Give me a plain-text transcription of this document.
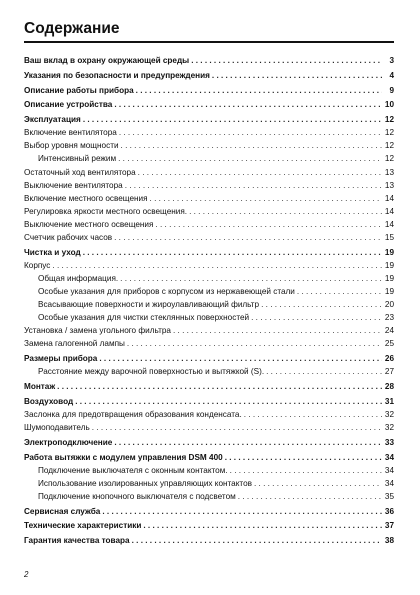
Содержание
Ваш вклад в охрану окружающей среды . . .	3
Указания по безопасности и предупреждения . . .	4
Описание работы прибора . . .	9
Описание устройства . . .	10
Эксплуатация . . .	12
Включение вентилятора . . .	12
Выбор уровня мощности . . .	12
Интенсивный режим . . .	12
Остаточный ход вентилятора . . .	13
Выключение вентилятора . . .	13
Включение местного освещения . . .	14
Регулировка яркости местного освещения. . . .	14
Выключение местного освещения . . .	14
Счетчик рабочих часов . . .	15
Чистка и уход . . .	19
Корпус . . .	19
Общая информация. . . .	19
Особые указания для приборов с корпусом из нержавеющей стали . . .	19
Всасывающие поверхности и жироулавливающий фильтр . . .	20
Особые указания для чистки стеклянных поверхностей . . .	23
Установка / замена угольного фильтра . . .	24
Замена галогенной лампы . . .	25
Размеры прибора . . .	26
Расстояние между варочной поверхностью и вытяжкой (S). . . .	27
Монтаж . . .	28
Воздуховод . . .	31
Заслонка для предотвращения образования конденсата. . . .	32
Шумоподавитель . . .	32
Электроподключение . . .	33
Работа вытяжки с модулем управления DSM 400 . . .	34
Подключение выключателя с оконным контактом. . . .	34
Использование изолированных управляющих контактов . . .	34
Подключение кнопочного выключателя с подсветом . . .	35
Сервисная служба . . .	36
Технические характеристики . . .	37
Гарантия качества товара . . .	38
2
